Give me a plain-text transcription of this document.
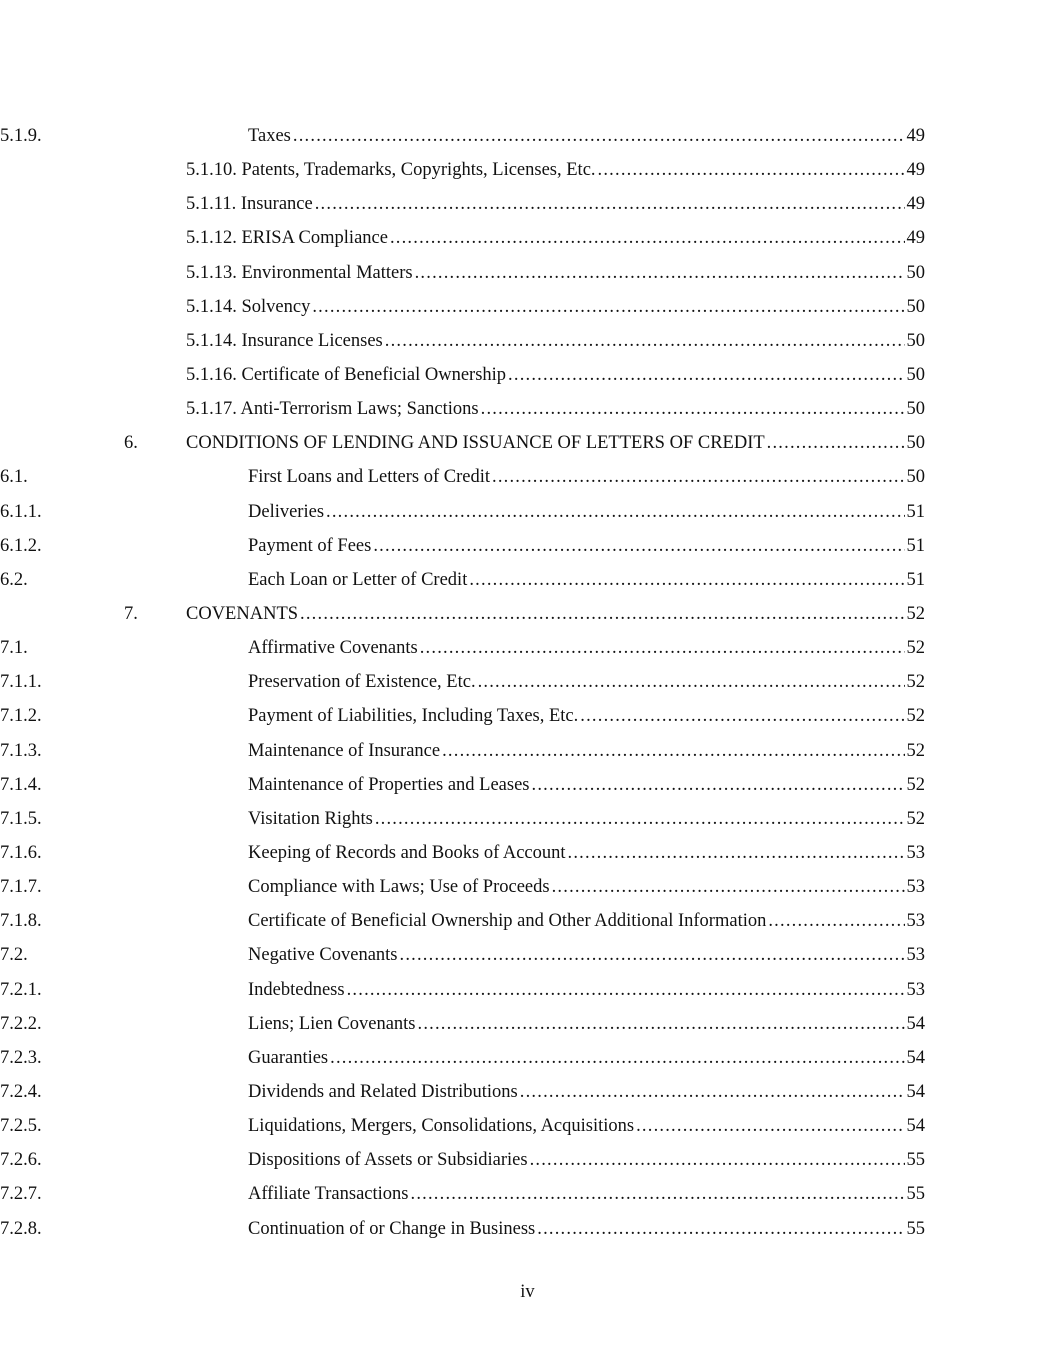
5.1.9.	Taxes .....	49
5.1.10. Patents, Trademarks, Copyrights, Licenses, Etc. .....	49
5.1.11. Insurance .....	49
5.1.12. ERISA Compliance .....	49
5.1.13. Environmental Matters .....	50
5.1.14. Solvency .....	50
5.1.14. Insurance Licenses .....	50
5.1.16. Certificate of Beneficial Ownership .....	50
5.1.17. Anti-Terrorism Laws; Sanctions .....	50
6.	CONDITIONS OF LENDING AND ISSUANCE OF LETTERS OF CREDIT .....	50
6.1.	First Loans and Letters of Credit .....	50
6.1.1.	Deliveries .....	51
6.1.2.	Payment of Fees .....	51
6.2.	Each Loan or Letter of Credit .....	51
7.	COVENANTS .....	52
7.1.	Affirmative Covenants .....	52
7.1.1.	Preservation of Existence, Etc. .....	52
7.1.2.	Payment of Liabilities, Including Taxes, Etc. .....	52
7.1.3.	Maintenance of Insurance .....	52
7.1.4.	Maintenance of Properties and Leases .....	52
7.1.5.	Visitation Rights .....	52
7.1.6.	Keeping of Records and Books of Account .....	53
7.1.7.	Compliance with Laws; Use of Proceeds .....	53
7.1.8.	Certificate of Beneficial Ownership and Other Additional Information .....	53
7.2.	Negative Covenants .....	53
7.2.1.	Indebtedness .....	53
7.2.2.	Liens; Lien Covenants .....	54
7.2.3.	Guaranties .....	54
7.2.4.	Dividends and Related Distributions .....	54
7.2.5.	Liquidations, Mergers, Consolidations, Acquisitions .....	54
7.2.6.	Dispositions of Assets or Subsidiaries .....	55
7.2.7.	Affiliate Transactions .....	55
7.2.8.	Continuation of or Change in Business .....	55
iv
